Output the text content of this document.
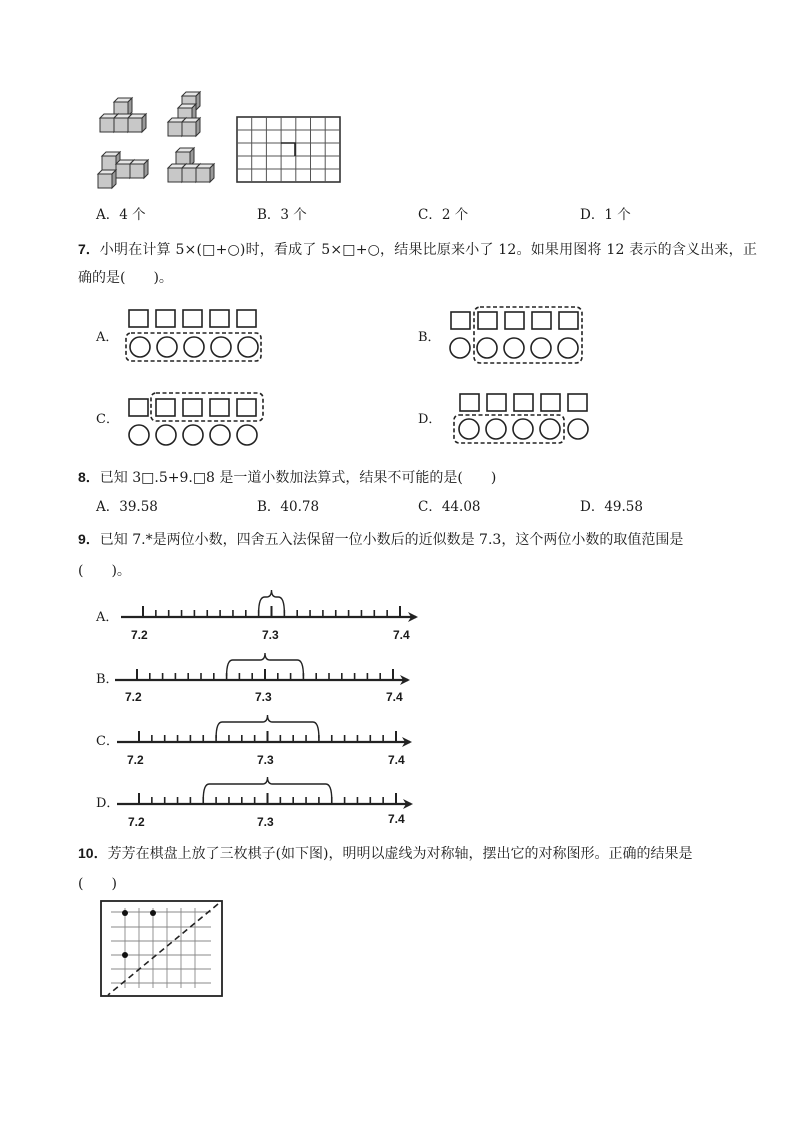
A．4 个	B．3 个	C．2 个	D．1 个
7．小明在计算 5×(□+○)时，看成了 5×□+○，结果比原来小了 12。如果用图将 12 表示的含义出来，正
确的是(　　)。
A．	B．
C．	D．
8．已知 3□.5+9.□8 是一道小数加法算式，结果不可能的是(　　)
A．39.58	B．40.78	C．44.08	D．49.58
9．已知 7.*是两位小数，四舍五入法保留一位小数后的近似数是 7.3，这个两位小数的取值范围是
(　　)。
A．
B．
C．
D．
7.2	7.3	7.4
7.2	7.3	7.4
7.2	7.3	7.4
7.2	7.3	7.4
10．芳芳在棋盘上放了三枚棋子(如下图)，明明以虚线为对称轴，摆出它的对称图形。正确的结果是
(　　)
